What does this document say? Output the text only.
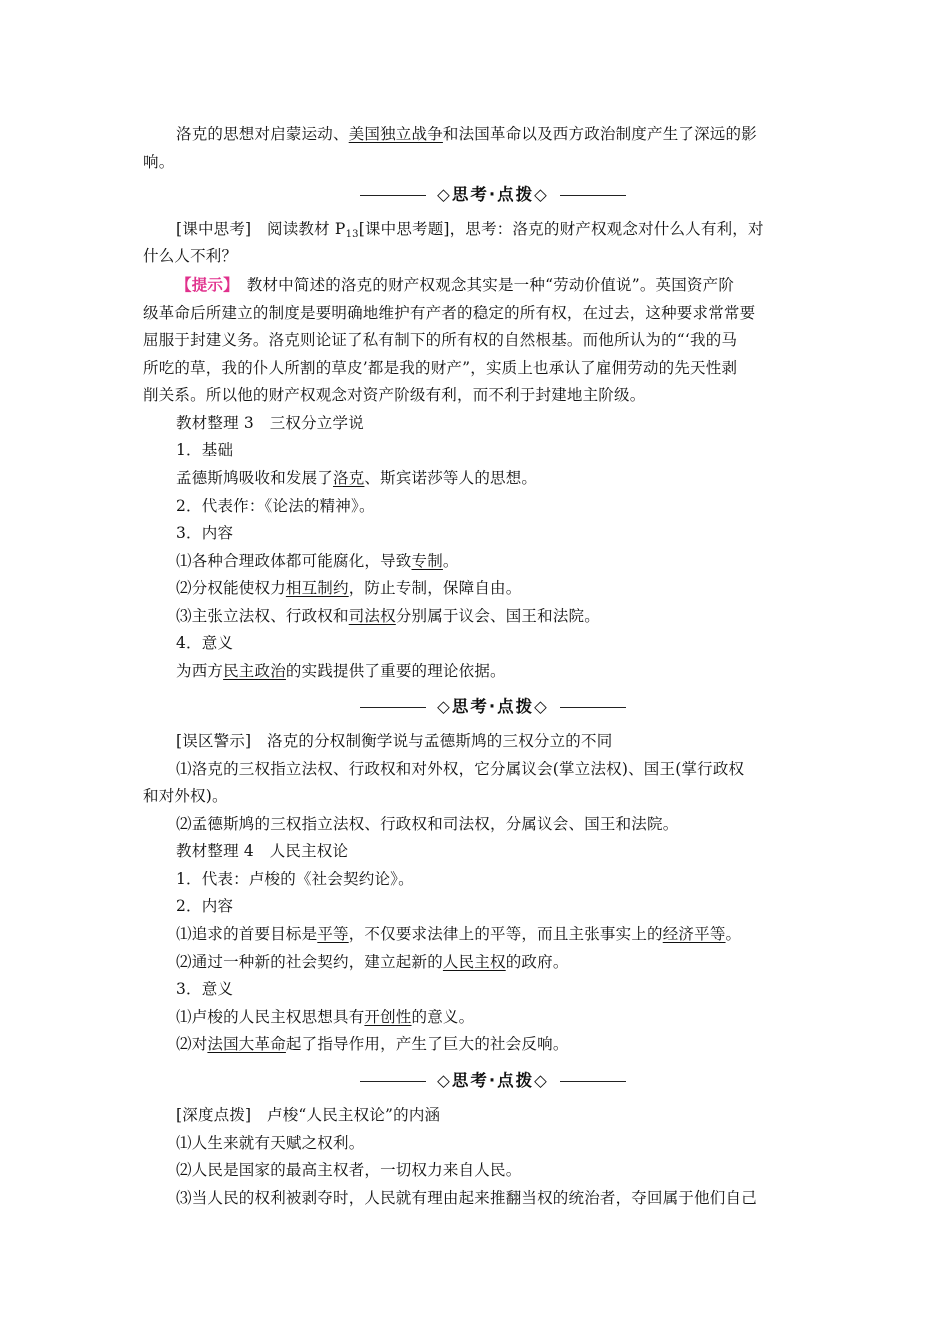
洛克的思想对启蒙运动、美国独立战争和法国革命以及西方政治制度产生了深远的影
响。
◇思考·点拨◇
[课中思考]　 阅读教材 P13[课中思考题]，思考：洛克的财产权观念对什么人有利，对
什么人不利？
【提示】　 教材中简述的洛克的财产权观念其实是一种“劳动价值说”。英国资产阶
级革命后所建立的制度是要明确地维护有产者的稳定的所有权，在过去，这种要求常常要
屈服于封建义务。洛克则论证了私有制下的所有权的自然根基。而他所认为的“‘我的马
所吃的草，我的仆人所割的草皮’都是我的财产”，实质上也承认了雇佣劳动的先天性剥
削关系。所以他的财产权观念对资产阶级有利，而不利于封建地主阶级。
教材整理 3　三权分立学说
1．基础
孟德斯鸠吸收和发展了洛克、斯宾诺莎等人的思想。
2．代表作：《论法的精神》。
3．内容
⑴各种合理政体都可能腐化，导致专制。
⑵分权能使权力相互制约，防止专制，保障自由。
⑶主张立法权、行政权和司法权分别属于议会、国王和法院。
4．意义
为西方民主政治的实践提供了重要的理论依据。
◇思考·点拨◇
[误区警示]　 洛克的分权制衡学说与孟德斯鸠的三权分立的不同
⑴洛克的三权指立法权、行政权和对外权，它分属议会(掌立法权)、国王(掌行政权
和对外权)。
⑵孟德斯鸠的三权指立法权、行政权和司法权，分属议会、国王和法院。
教材整理 4　人民主权论
1．代表：卢梭的《社会契约论》。
2．内容
⑴追求的首要目标是平等，不仅要求法律上的平等，而且主张事实上的经济平等。
⑵通过一种新的社会契约，建立起新的人民主权的政府。
3．意义
⑴卢梭的人民主权思想具有开创性的意义。
⑵对法国大革命起了指导作用，产生了巨大的社会反响。
◇思考·点拨◇
[深度点拨]　 卢梭“人民主权论”的内涵
⑴人生来就有天赋之权利。
⑵人民是国家的最高主权者，一切权力来自人民。
⑶当人民的权利被剥夺时，人民就有理由起来推翻当权的统治者，夺回属于他们自己
